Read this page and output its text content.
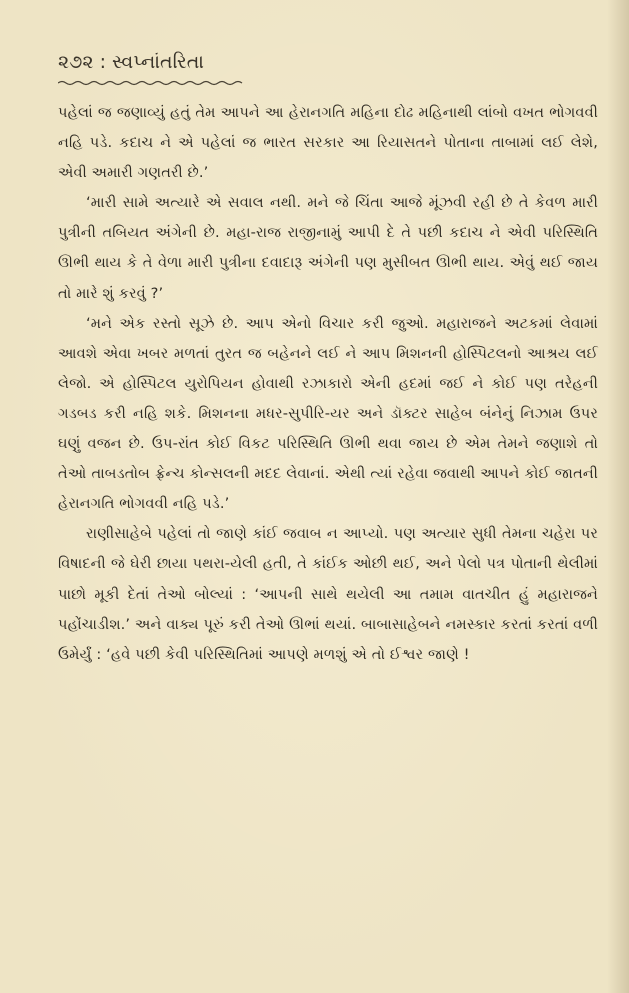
૨૭૨ : સ્વપ્નાંતરિતા

પહેલાં જ જણાવ્યું હતું તેમ આપને આ હેરાનગતિ મહિના દોઢ મહિનાથી લાંબો વખત ભોગવવી નહિ પડે. કદાચ ને એ પહેલાં જ ભારત સરકાર આ રિયાસતને પોતાના તાબામાં લઈ લેશે, એવી અમારી ગણતરી છે.’

‘મારી સામે અત્યારે એ સવાલ નથી. મને જે ચિંતા આજે મૂંઝવી રહી છે તે કેવળ મારી પુત્રીની તબિયત અંગેની છે. મહા-રાજ રાજીનામું આપી દે તે પછી કદાચ ને એવી પરિસ્થિતિ ઊભી થાય કે તે વેળા મારી પુત્રીના દવાદારૂ અંગેની પણ મુસીબત ઊભી થાય. એવું થઈ જાય તો મારે શું કરવું ?’

‘મને એક રસ્તો સૂઝે છે. આપ એનો વિચાર કરી જુઓ. મહારાજને અટકમાં લેવામાં આવશે એવા ખબર મળતાં તુરત જ બહેનને લઈ ને આપ મિશનની હોસ્પિટલનો આશ્રય લઈ લેજો. એ હોસ્પિટલ યુરોપિયન હોવાથી રઝાકારો એની હદમાં જઈ ને કોઈ પણ તરેહની ગડબડ કરી નહિ શકે. મિશનના મધર-સુપીરિ-યર અને ડૉક્ટર સાહેબ બંનેનું નિઝામ ઉપર ઘણું વજન છે. ઉપ-રાંત કોઈ વિકટ પરિસ્થિતિ ઊભી થવા જાય છે એમ તેમને જણાશે તો તેઓ તાબડતોબ ફ્રેન્ચ કોન્સલની મદદ લેવાનાં. એથી ત્યાં રહેવા જવાથી આપને કોઈ જાતની હેરાનગતિ ભોગવવી નહિ પડે.’

રાણીસાહેબે પહેલાં તો જાણે કાંઈ જવાબ ન આપ્યો. પણ અત્યાર સુધી તેમના ચહેરા પર વિષાદની જે ઘેરી છાયા પથરા-યેલી હતી, તે કાંઈક ઓછી થઈ, અને પેલો પત્ર પોતાની થેલીમાં પાછો મૂકી દેતાં તેઓ બોલ્યાં : ‘આપની સાથે થયેલી આ તમામ વાતચીત હું મહારાજને પહોંચાડીશ.’ અને વાક્ય પૂરું કરી તેઓ ઊભાં થયાં. બાબાસાહેબને નમસ્કાર કરતાં કરતાં વળી ઉમેર્યું : ‘હવે પછી કેવી પરિસ્થિતિમાં આપણે મળશું એ તો ઈશ્વર જાણે !
